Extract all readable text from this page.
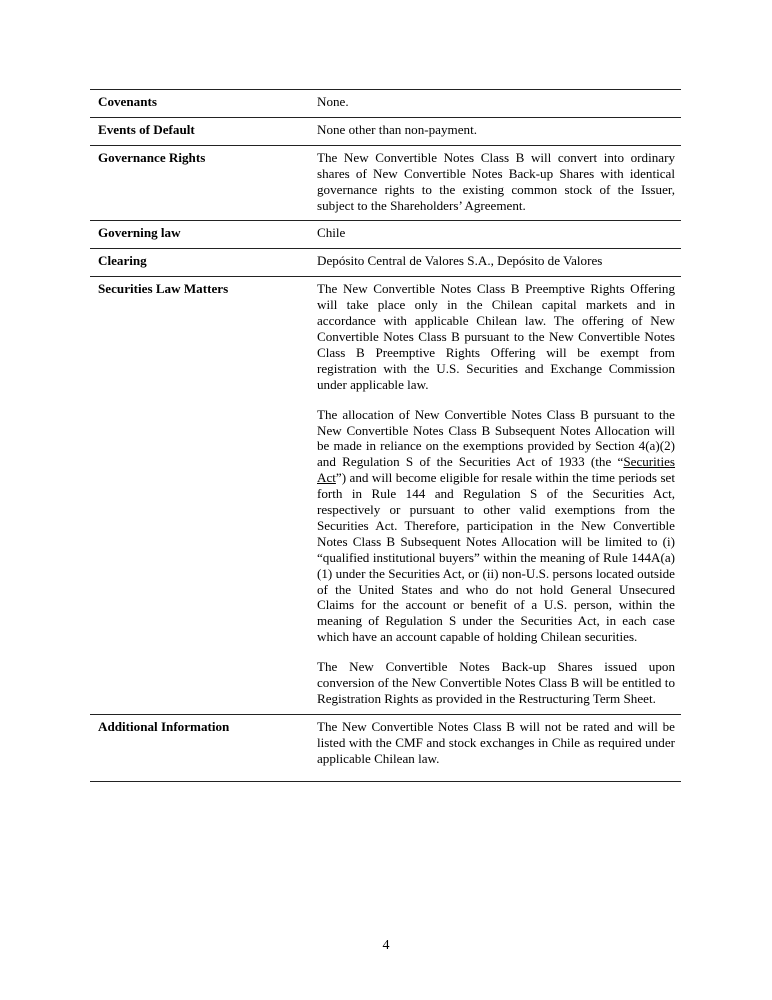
Covenants	None.

Events of Default	None other than non-payment.

Governance Rights	The New Convertible Notes Class B will convert into ordinary shares of New Convertible Notes Back-up Shares with identical governance rights to the existing common stock of the Issuer, subject to the Shareholders’ Agreement.

Governing law	Chile

Clearing	Depósito Central de Valores S.A., Depósito de Valores

Securities Law Matters	The New Convertible Notes Class B Preemptive Rights Offering will take place only in the Chilean capital markets and in accordance with applicable Chilean law. The offering of New Convertible Notes Class B pursuant to the New Convertible Notes Class B Preemptive Rights Offering will be exempt from registration with the U.S. Securities and Exchange Commission under applicable law.

The allocation of New Convertible Notes Class B pursuant to the New Convertible Notes Class B Subsequent Notes Allocation will be made in reliance on the exemptions provided by Section 4(a)(2) and Regulation S of the Securities Act of 1933 (the “Securities Act”) and will become eligible for resale within the time periods set forth in Rule 144 and Regulation S of the Securities Act, respectively or pursuant to other valid exemptions from the Securities Act. Therefore, participation in the New Convertible Notes Class B Subsequent Notes Allocation will be limited to (i) “qualified institutional buyers” within the meaning of Rule 144A(a)(1) under the Securities Act, or (ii) non-U.S. persons located outside of the United States and who do not hold General Unsecured Claims for the account or benefit of a U.S. person, within the meaning of Regulation S under the Securities Act, in each case which have an account capable of holding Chilean securities.

The New Convertible Notes Back-up Shares issued upon conversion of the New Convertible Notes Class B will be entitled to Registration Rights as provided in the Restructuring Term Sheet.

Additional Information	The New Convertible Notes Class B will not be rated and will be listed with the CMF and stock exchanges in Chile as required under applicable Chilean law.

4
